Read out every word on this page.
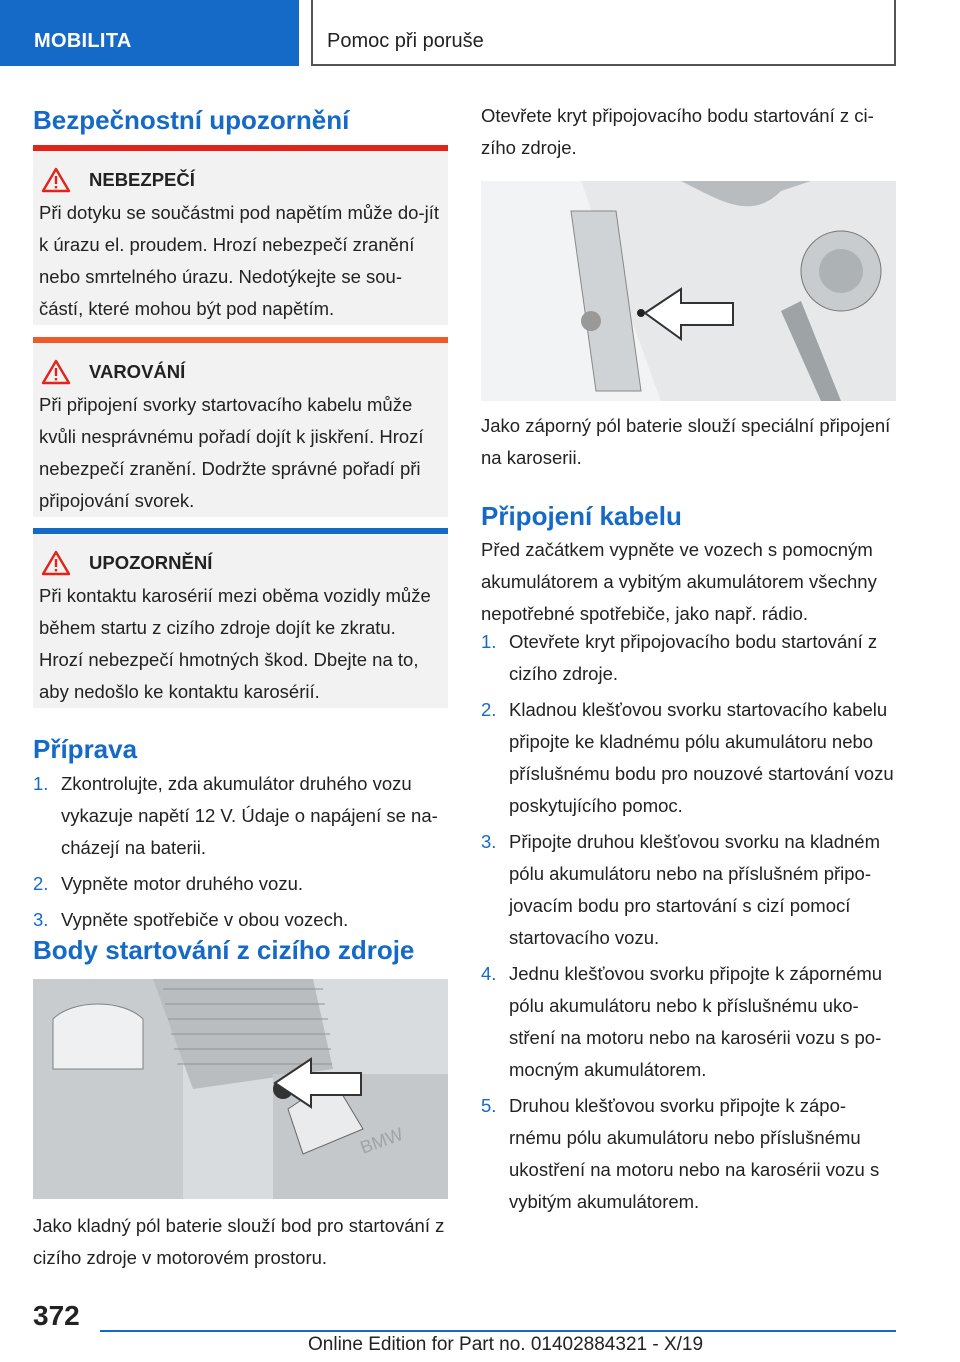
MOBILITA	Pomoc při poruše
Bezpečnostní upozornění
NEBEZPEČÍ

Při dotyku se součástmi pod napětím může do-jít k úrazu el. proudem. Hrozí nebezpečí zranění nebo smrtelného úrazu. Nedotýkejte se sou-částí, které mohou být pod napětím.

VAROVÁNÍ

Při připojení svorky startovacího kabelu může kvůli nesprávnému pořadí dojít k jiskření. Hrozí nebezpečí zranění. Dodržte správné pořadí při připojování svorek.

UPOZORNĚNÍ

Při kontaktu karosérií mezi oběma vozidly může během startu z cizího zdroje dojít ke zkratu. Hrozí nebezpečí hmotných škod. Dbejte na to, aby nedošlo ke kontaktu karosérií.

Příprava
1. Zkontrolujte, zda akumulátor druhého vozu vykazuje napětí 12 V. Údaje o napájení se na-cházejí na baterii.
2. Vypněte motor druhého vozu.
3. Vypněte spotřebiče v obou vozech.
Body startování z cizího zdroje
BMW

Jako kladný pól baterie slouží bod pro startování z cizího zdroje v motorovém prostoru.

Otevřete kryt připojovacího bodu startování z ci-zího zdroje.

Jako záporný pól baterie slouží speciální připojení na karoserii.

Připojení kabelu

Před začátkem vypněte ve vozech s pomocným akumulátorem a vybitým akumulátorem všechny nepotřebné spotřebiče, jako např. rádio.

1. Otevřete kryt připojovacího bodu startování z cizího zdroje.
2. Kladnou klešťovou svorku startovacího kabelu připojte ke kladnému pólu akumulátoru nebo příslušnému bodu pro nouzové startování vozu poskytujícího pomoc.
3. Připojte druhou klešťovou svorku na kladném pólu akumulátoru nebo na příslušném připo-jovacím bodu pro startování s cizí pomocí startovacího vozu.
4. Jednu klešťovou svorku připojte k zápornému pólu akumulátoru nebo k příslušnému uko-stření na motoru nebo na karosérii vozu s po-mocným akumulátorem.
5. Druhou klešťovou svorku připojte k zápo-rnému pólu akumulátoru nebo příslušnému ukostření na motoru nebo na karosérii vozu s vybitým akumulátorem.
372
Online Edition for Part no. 01402884321 - X/19
